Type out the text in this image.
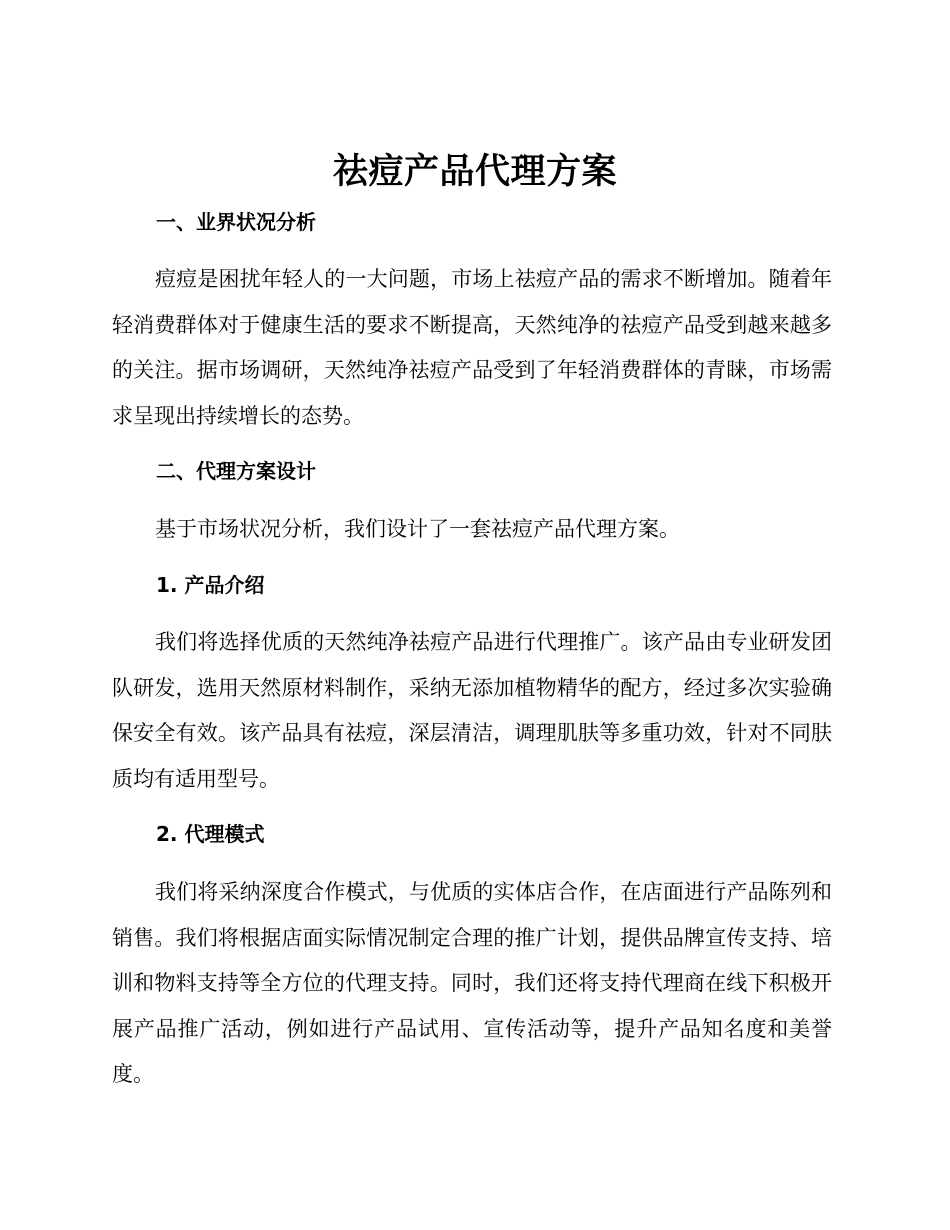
祛痘产品代理方案
一、业界状况分析

痘痘是困扰年轻人的一大问题，市场上祛痘产品的需求不断增加。随着年轻消费群体对于健康生活的要求不断提高，天然纯净的祛痘产品受到越来越多的关注。据市场调研，天然纯净祛痘产品受到了年轻消费群体的青睐，市场需求呈现出持续增长的态势。

二、代理方案设计

基于市场状况分析，我们设计了一套祛痘产品代理方案。

1. 产品介绍

我们将选择优质的天然纯净祛痘产品进行代理推广。该产品由专业研发团队研发，选用天然原材料制作，采纳无添加植物精华的配方，经过多次实验确保安全有效。该产品具有祛痘，深层清洁，调理肌肤等多重功效，针对不同肤质均有适用型号。

2. 代理模式

我们将采纳深度合作模式，与优质的实体店合作，在店面进行产品陈列和销售。我们将根据店面实际情况制定合理的推广计划，提供品牌宣传支持、培训和物料支持等全方位的代理支持。同时，我们还将支持代理商在线下积极开展产品推广活动，例如进行产品试用、宣传活动等，提升产品知名度和美誉度。
